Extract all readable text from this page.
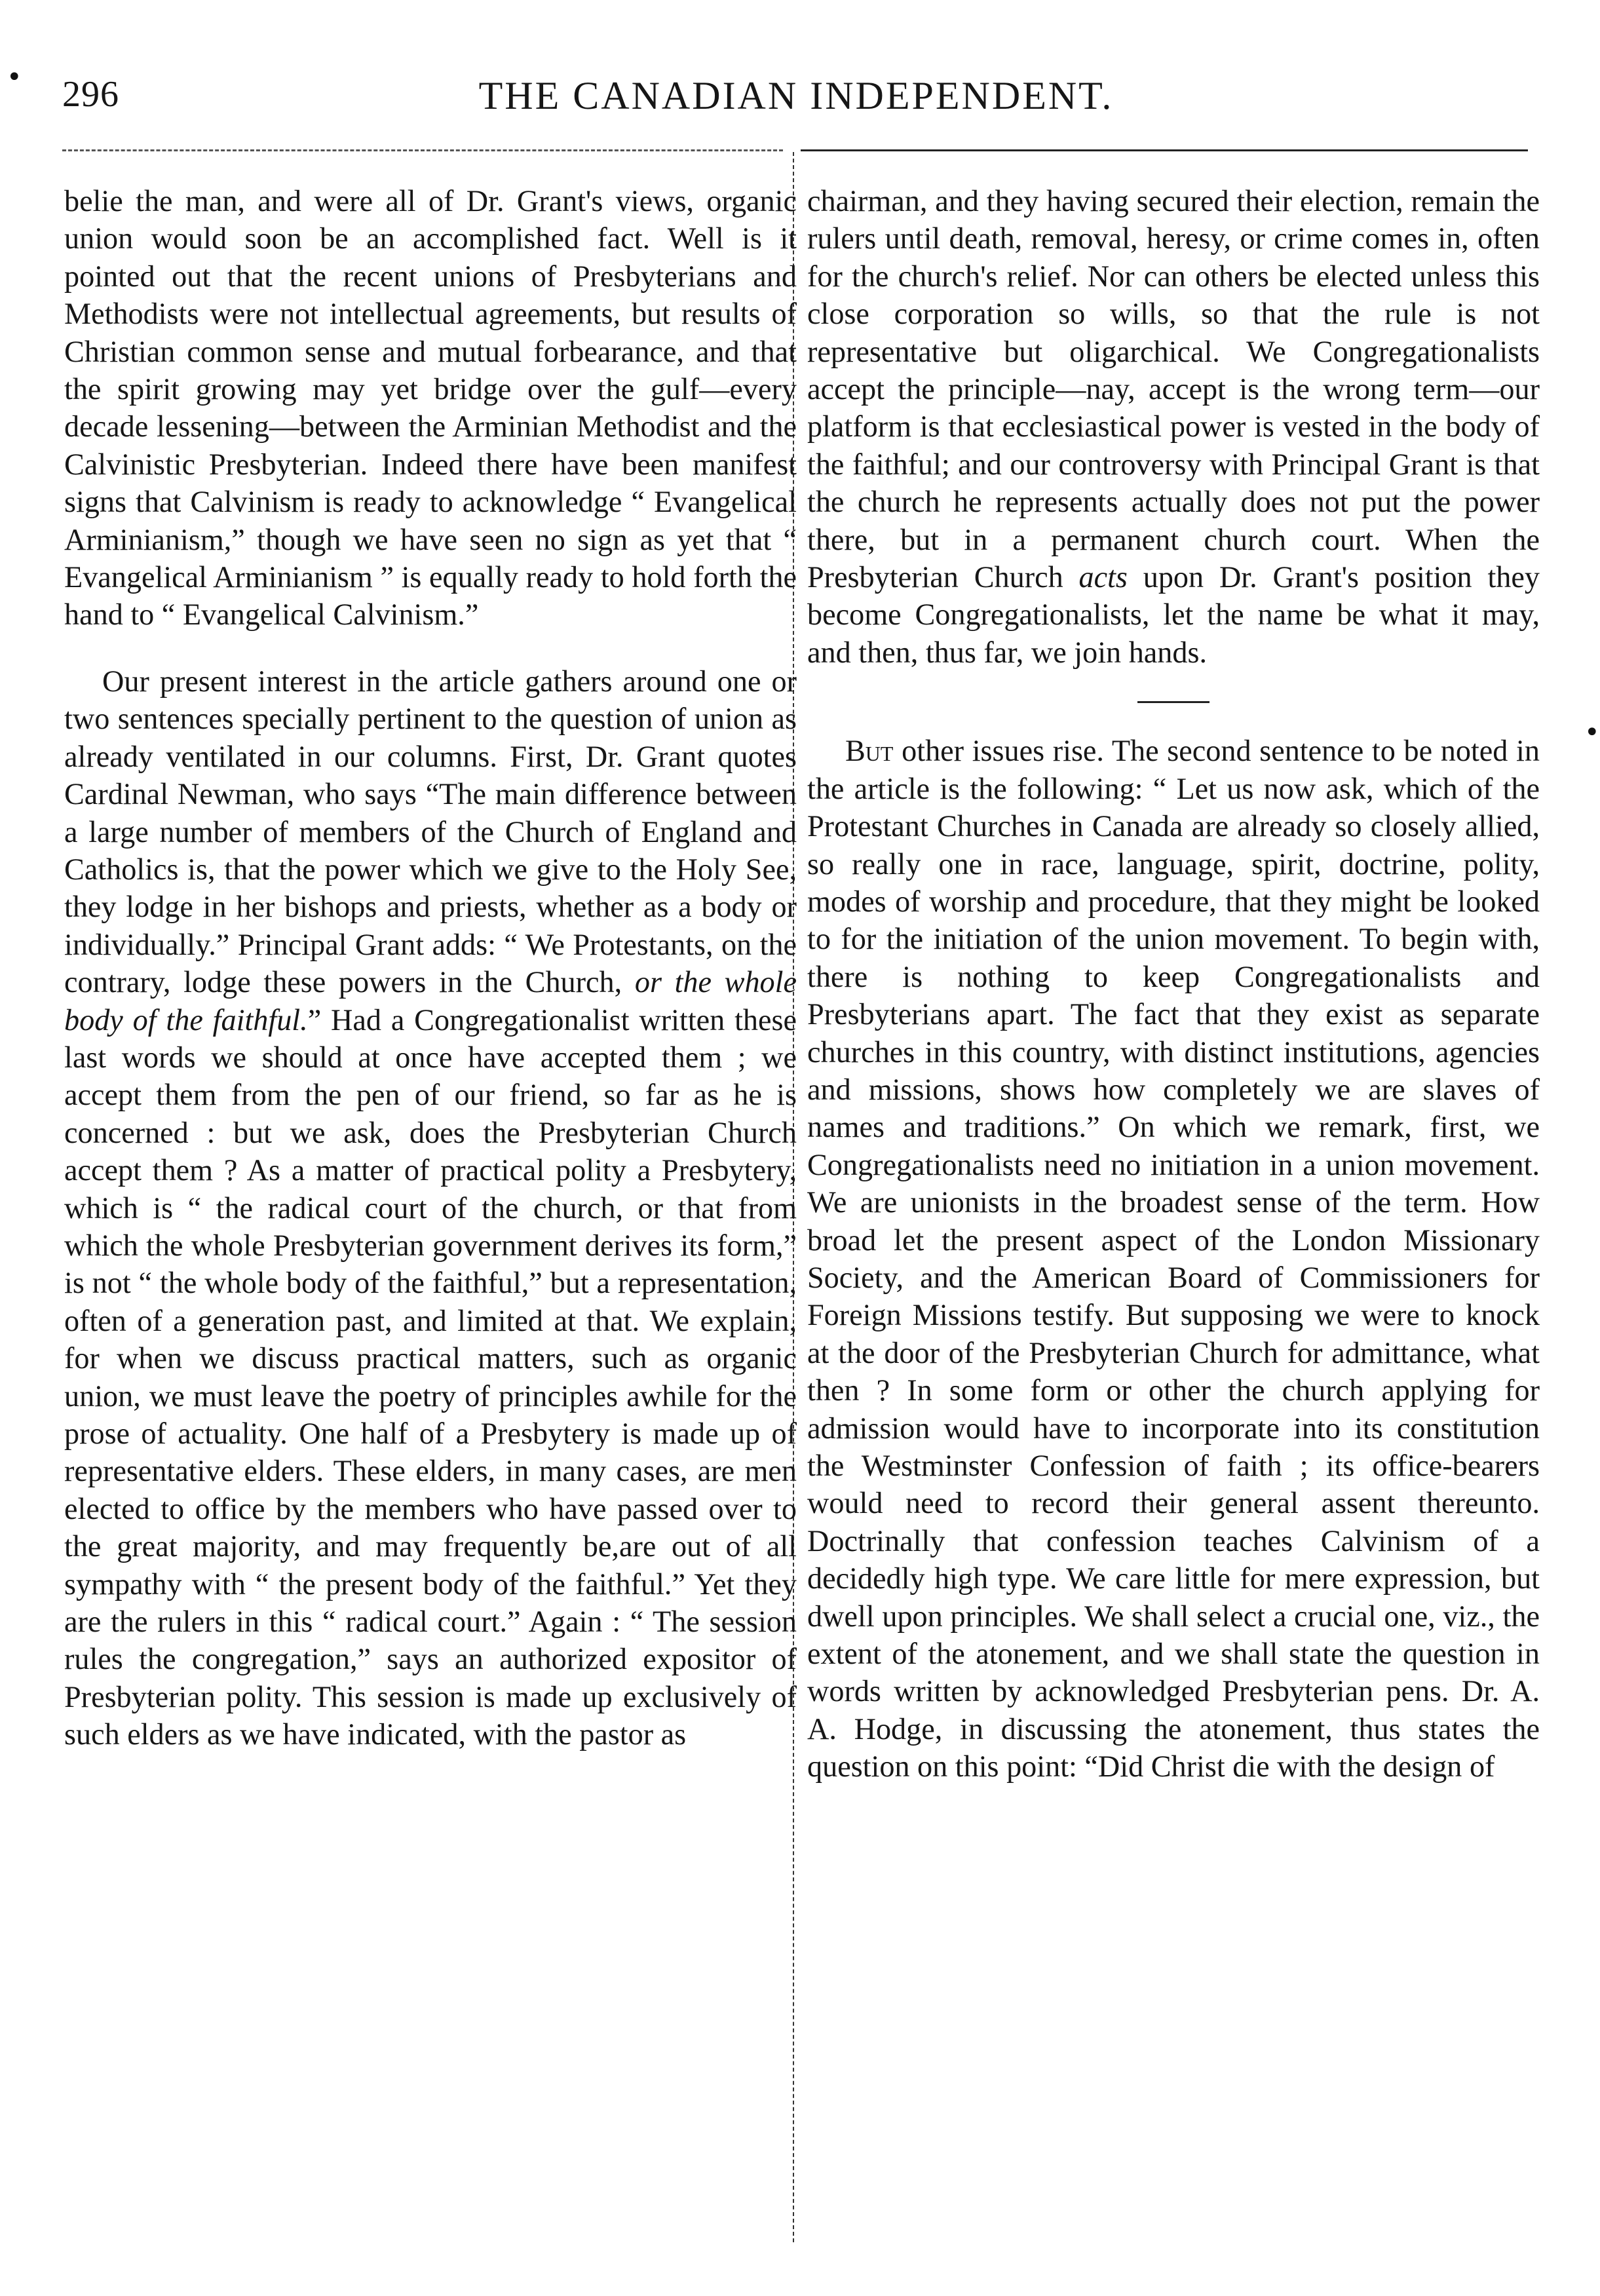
•
•
296	THE CANADIAN INDEPENDENT.

belie the man, and were all of Dr. Grant's views, organic union would soon be an accomplished fact. Well is it pointed out that the recent unions of Presbyterians and Methodists were not intellectual agreements, but results of Christian common sense and mutual forbearance, and that the spirit growing may yet bridge over the gulf—every decade lessening—between the Arminian Methodist and the Calvinistic Presbyterian. Indeed there have been manifest signs that Calvinism is ready to acknowledge “ Evangelical Arminianism,” though we have seen no sign as yet that “ Evangelical Arminianism ” is equally ready to hold forth the hand to “ Evangelical Calvinism.”

Our present interest in the article gathers around one or two sentences specially pertinent to the question of union as already ventilated in our columns. First, Dr. Grant quotes Cardinal Newman, who says “The main difference between a large number of members of the Church of England and Catholics is, that the power which we give to the Holy See, they lodge in her bishops and priests, whether as a body or individually.” Principal Grant adds: “ We Protestants, on the contrary, lodge these powers in the Church, or the whole body of the faithful.” Had a Congregationalist written these last words we should at once have accepted them ; we accept them from the pen of our friend, so far as he is concerned : but we ask, does the Presbyterian Church accept them ? As a matter of practical polity a Presbytery, which is “ the radical court of the church, or that from which the whole Presbyterian government derives its form,” is not “ the whole body of the faithful,” but a representation, often of a generation past, and limited at that. We explain, for when we discuss practical matters, such as organic union, we must leave the poetry of principles awhile for the prose of actuality. One half of a Presbytery is made up of representative elders. These elders, in many cases, are men elected to office by the members who have passed over to the great majority, and may frequently be,are out of all sympathy with “ the present body of the faithful.” Yet they are the rulers in this “ radical court.” Again : “ The session rules the congregation,” says an authorized expositor of Presbyterian polity. This session is made up exclusively of such elders as we have indicated, with the pastor as

chairman, and they having secured their election, remain the rulers until death, removal, heresy, or crime comes in, often for the church's relief. Nor can others be elected unless this close corporation so wills, so that the rule is not representative but oligarchical. We Congregationalists accept the principle—nay, accept is the wrong term—our platform is that ecclesiastical power is vested in the body of the faithful; and our controversy with Principal Grant is that the church he represents actually does not put the power there, but in a permanent church court. When the Presbyterian Church acts upon Dr. Grant's position they become Congregationalists, let the name be what it may, and then, thus far, we join hands.

But other issues rise. The second sentence to be noted in the article is the following: “ Let us now ask, which of the Protestant Churches in Canada are already so closely allied, so really one in race, language, spirit, doctrine, polity, modes of worship and procedure, that they might be looked to for the initiation of the union movement. To begin with, there is nothing to keep Congregationalists and Presbyterians apart. The fact that they exist as separate churches in this country, with distinct institutions, agencies and missions, shows how completely we are slaves of names and traditions.” On which we remark, first, we Congregationalists need no initiation in a union movement. We are unionists in the broadest sense of the term. How broad let the present aspect of the London Missionary Society, and the American Board of Commissioners for Foreign Missions testify. But supposing we were to knock at the door of the Presbyterian Church for admittance, what then ? In some form or other the church applying for admission would have to incorporate into its constitution the Westminster Confession of faith ; its office-bearers would need to record their general assent thereunto. Doctrinally that confession teaches Calvinism of a decidedly high type. We care little for mere expression, but dwell upon principles. We shall select a crucial one, viz., the extent of the atonement, and we shall state the question in words written by acknowledged Presbyterian pens. Dr. A. A. Hodge, in discussing the atonement, thus states the question on this point: “Did Christ die with the design of
